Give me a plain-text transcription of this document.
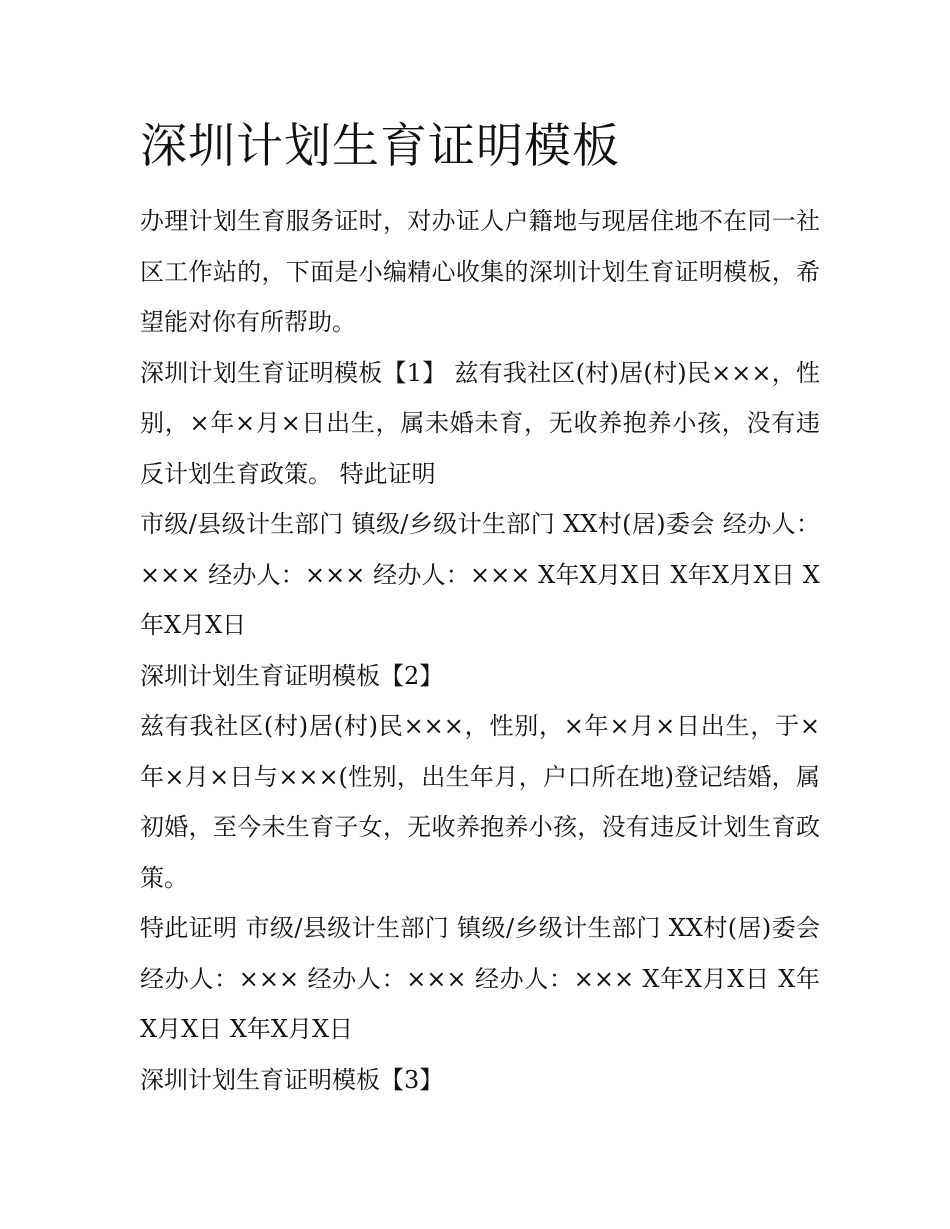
深圳计划生育证明模板

办理计划生育服务证时，对办证人户籍地与现居住地不在同一社区工作站的，下面是小编精心收集的深圳计划生育证明模板，希望能对你有所帮助。

深圳计划生育证明模板【1】 兹有我社区(村)居(村)民×××，性别，×年×月×日出生，属未婚未育，无收养抱养小孩，没有违反计划生育政策。 特此证明

市级/县级计生部门 镇级/乡级计生部门 XX村(居)委会 经办人：××× 经办人：××× 经办人：××× X年X月X日 X年X月X日 X年X月X日

深圳计划生育证明模板【2】

兹有我社区(村)居(村)民×××，性别，×年×月×日出生，于×年×月×日与×××(性别，出生年月，户口所在地)登记结婚，属初婚，至今未生育子女，无收养抱养小孩，没有违反计划生育政策。

特此证明 市级/县级计生部门 镇级/乡级计生部门 XX村(居)委会 经办人：××× 经办人：××× 经办人：××× X年X月X日 X年X月X日 X年X月X日

深圳计划生育证明模板【3】
